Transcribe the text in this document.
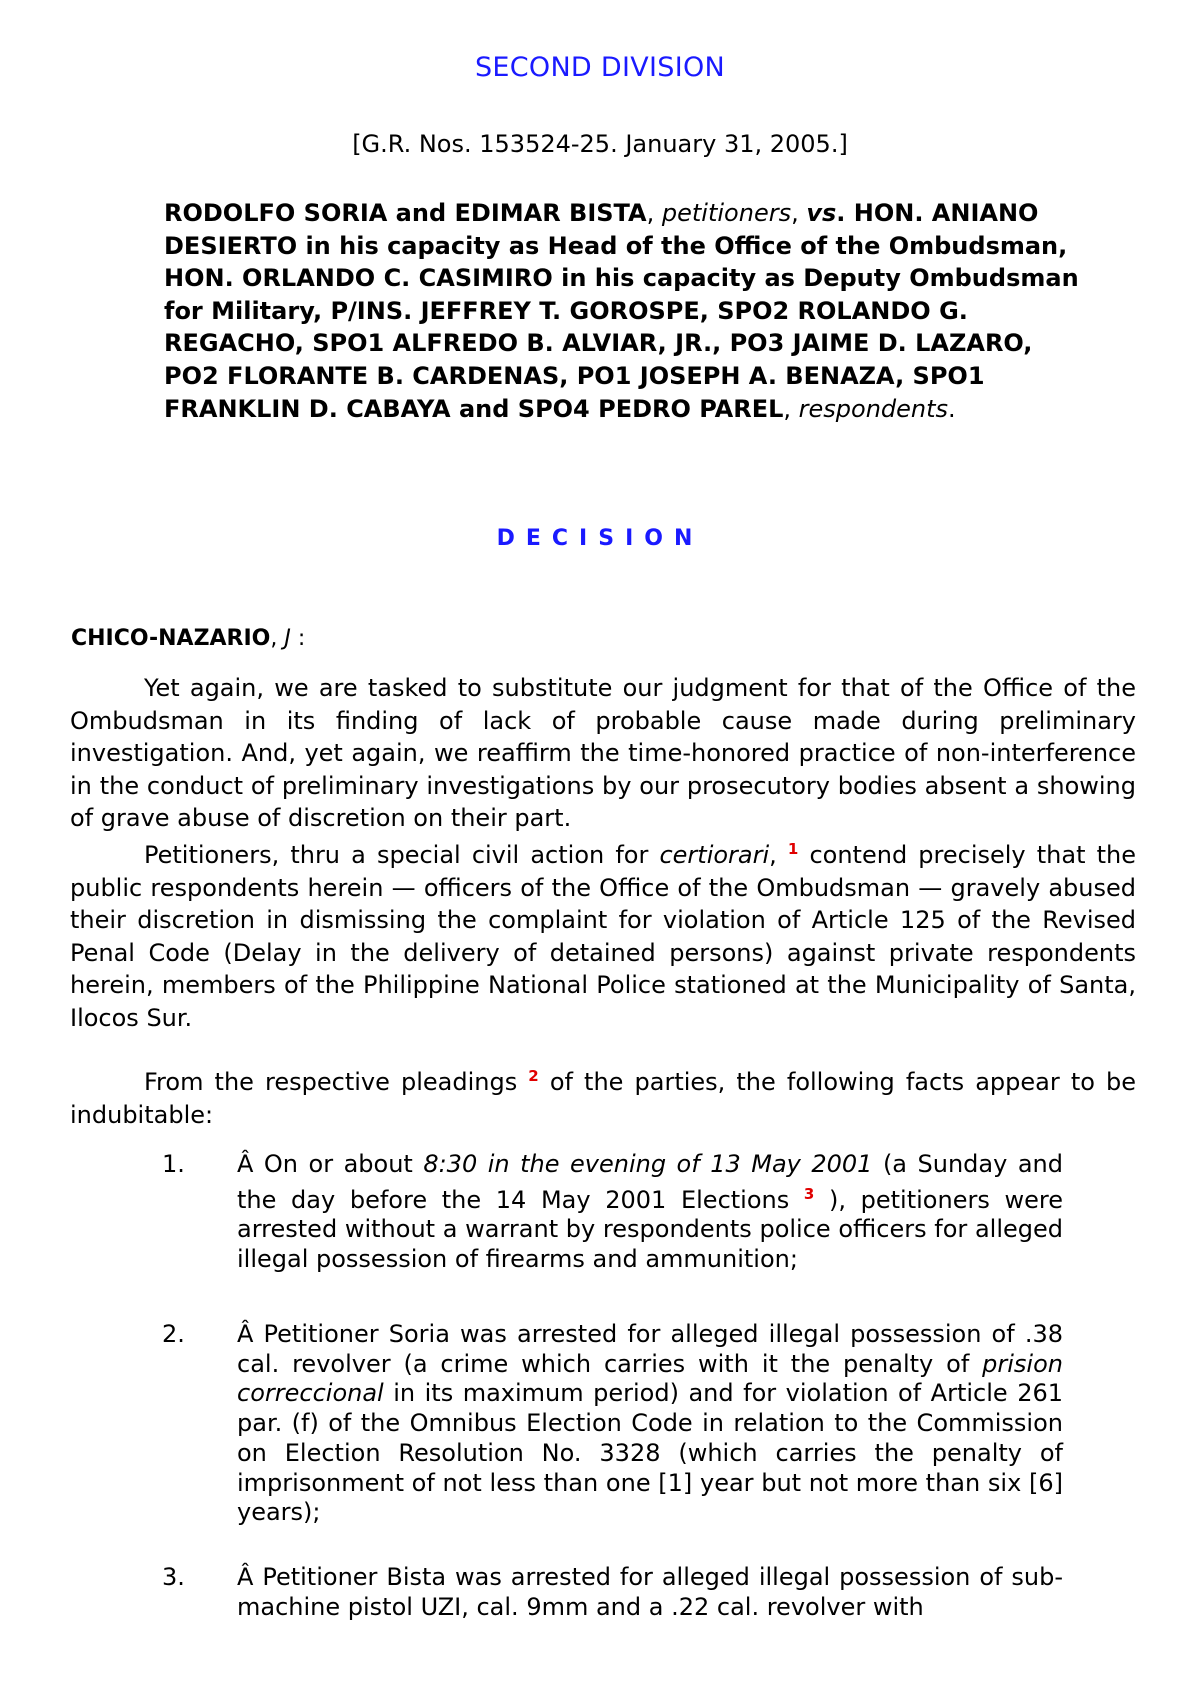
SECOND DIVISION
[G.R. Nos. 153524-25. January 31, 2005.]
RODOLFO SORIA and EDIMAR BISTA, petitioners, vs. HON. ANIANO DESIERTO in his capacity as Head of the Office of the Ombudsman, HON. ORLANDO C. CASIMIRO in his capacity as Deputy Ombudsman for Military, P/INS. JEFFREY T. GOROSPE, SPO2 ROLANDO G. REGACHO, SPO1 ALFREDO B. ALVIAR, JR., PO3 JAIME D. LAZARO, PO2 FLORANTE B. CARDENAS, PO1 JOSEPH A. BENAZA, SPO1 FRANKLIN D. CABAYA and SPO4 PEDRO PAREL, respondents.
DECISION
CHICO-NAZARIO, J :
Yet again, we are tasked to substitute our judgment for that of the Office of the Ombudsman in its finding of lack of probable cause made during preliminary investigation. And, yet again, we reaffirm the time-honored practice of non-interference in the conduct of preliminary investigations by our prosecutory bodies absent a showing of grave abuse of discretion on their part.
Petitioners, thru a special civil action for certiorari, $^1$ contend precisely that the public respondents herein — officers of the Office of the Ombudsman — gravely abused their discretion in dismissing the complaint for violation of Article 125 of the Revised Penal Code (Delay in the delivery of detained persons) against private respondents herein, members of the Philippine National Police stationed at the Municipality of Santa, Ilocos Sur.
From the respective pleadings $^2$ of the parties, the following facts appear to be indubitable:
1. Â On or about 8:30 in the evening of 13 May 2001 (a Sunday and the day before the 14 May 2001 Elections $^3$ ), petitioners were arrested without a warrant by respondents police officers for alleged illegal possession of firearms and ammunition;
2. Â Petitioner Soria was arrested for alleged illegal possession of .38 cal. revolver (a crime which carries with it the penalty of prision correccional in its maximum period) and for violation of Article 261 par. (f) of the Omnibus Election Code in relation to the Commission on Election Resolution No. 3328 (which carries the penalty of imprisonment of not less than one [1] year but not more than six [6] years);
3. Â Petitioner Bista was arrested for alleged illegal possession of sub-machine pistol UZI, cal. 9mm and a .22 cal. revolver with
